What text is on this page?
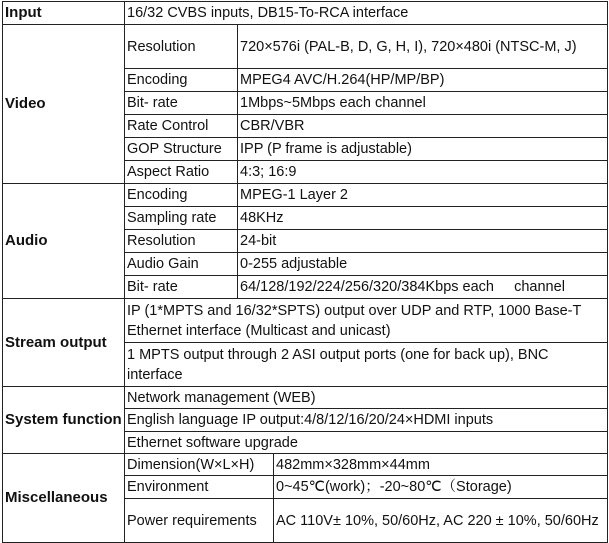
Input	16/32 CVBS inputs, DB15-To-RCA interface		
Video	Resolution	720×576i (PAL-B, D, G, H, I), 720×480i (NTSC-M, J)	
	Encoding	MPEG4 AVC/H.264(HP/MP/BP)	
	Bit- rate	1Mbps~5Mbps each channel	
	Rate Control	CBR/VBR	
	GOP Structure	IPP (P frame is adjustable)	
	Aspect Ratio	4:3; 16:9	
Audio	Encoding	MPEG-1 Layer 2	
	Sampling rate	48KHz	
	Resolution	24-bit	
	Audio Gain	0-255 adjustable	
	Bit- rate	64/128/192/224/256/320/384Kbps each     channel	
Stream output	IP (1*MPTS and 16/32*SPTS) output over UDP and RTP, 1000 Base-T Ethernet interface (Multicast and unicast)		
	1 MPTS output through 2 ASI output ports (one for back up), BNC interface		
System function	Network management (WEB)		
	English language IP output:4/8/12/16/20/24×HDMI inputs		
	Ethernet software upgrade		
Miscellaneous	Dimension(W×L×H)		482mm×328mm×44mm
	Environment		0~45℃(work)；-20~80℃（Storage)
	Power requirements		AC 110V± 10%, 50/60Hz, AC 220 ± 10%, 50/60Hz
